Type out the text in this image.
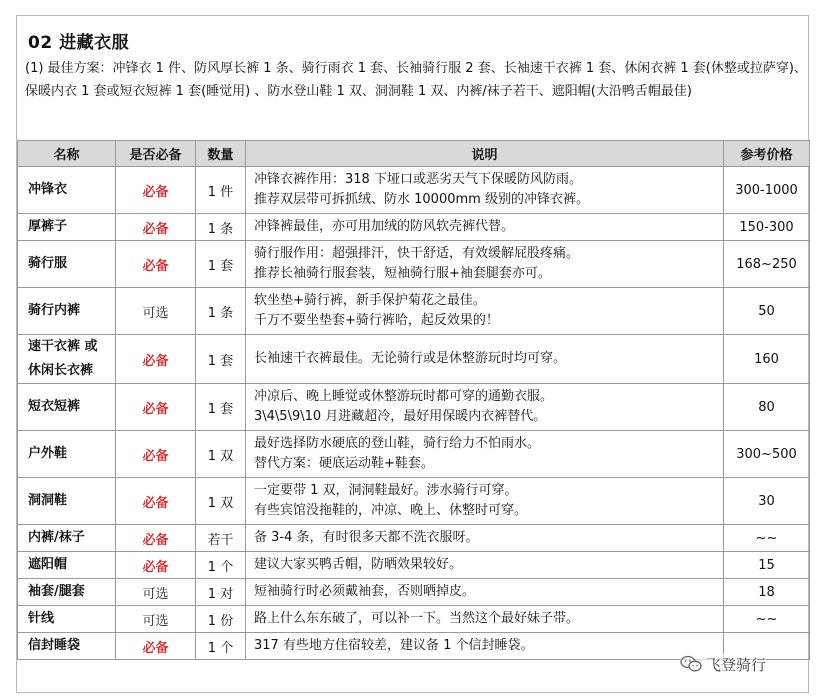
02 进藏衣服
(1) 最佳方案：冲锋衣 1 件、防风厚长裤 1 条、骑行雨衣 1 套、长袖骑行服 2 套、长袖速干衣裤 1 套、休闲衣裤 1 套(休整或拉萨穿)、保暖内衣 1 套或短衣短裤 1 套(睡觉用) 、防水登山鞋 1 双、洞洞鞋 1 双、内裤/袜子若干、遮阳帽(大沿鸭舌帽最佳)
名称	是否必备	数量	说明	参考价格

冲锋衣	必备	1 件	冲锋衣裤作用：318 下垭口或恶劣天气下保暖防风防雨。
推荐双层带可拆抓绒、防水 10000mm 级别的冲锋衣裤。	300-1000

厚裤子	必备	1 条	冲锋裤最佳，亦可用加绒的防风软壳裤代替。	150-300

骑行服	必备	1 套	骑行服作用：超强排汗，快干舒适，有效缓解屁股疼痛。
推荐长袖骑行服套装，短袖骑行服+袖套腿套亦可。	168~250

骑行内裤	可选	1 条	软坐垫+骑行裤，新手保护菊花之最佳。
千万不要坐垫套+骑行裤哈，起反效果的！	50

速干衣裤 或
休闲长衣裤	必备	1 套	长袖速干衣裤最佳。无论骑行或是休整游玩时均可穿。	160

短衣短裤	必备	1 套	冲凉后、晚上睡觉或休整游玩时都可穿的通勤衣服。
3\4\5\9\10 月进藏超冷，最好用保暖内衣裤替代。	80

户外鞋	必备	1 双	最好选择防水硬底的登山鞋，骑行给力不怕雨水。
替代方案：硬底运动鞋+鞋套。	300~500

洞洞鞋	必备	1 双	一定要带 1 双，洞洞鞋最好。涉水骑行可穿。
有些宾馆没拖鞋的，冲凉、晚上、休整时可穿。	30

内裤/袜子	必备	若干	备 3-4 条，有时很多天都不洗衣服呀。	~~

遮阳帽	必备	1 个	建议大家买鸭舌帽，防晒效果较好。	15

袖套/腿套	可选	1 对	短袖骑行时必须戴袖套，否则晒掉皮。	18

针线	可选	1 份	路上什么东东破了，可以补一下。当然这个最好妹子带。	~~

信封睡袋	必备	1 个	317 有些地方住宿较差，建议备 1 个信封睡袋。	

飞登骑行
